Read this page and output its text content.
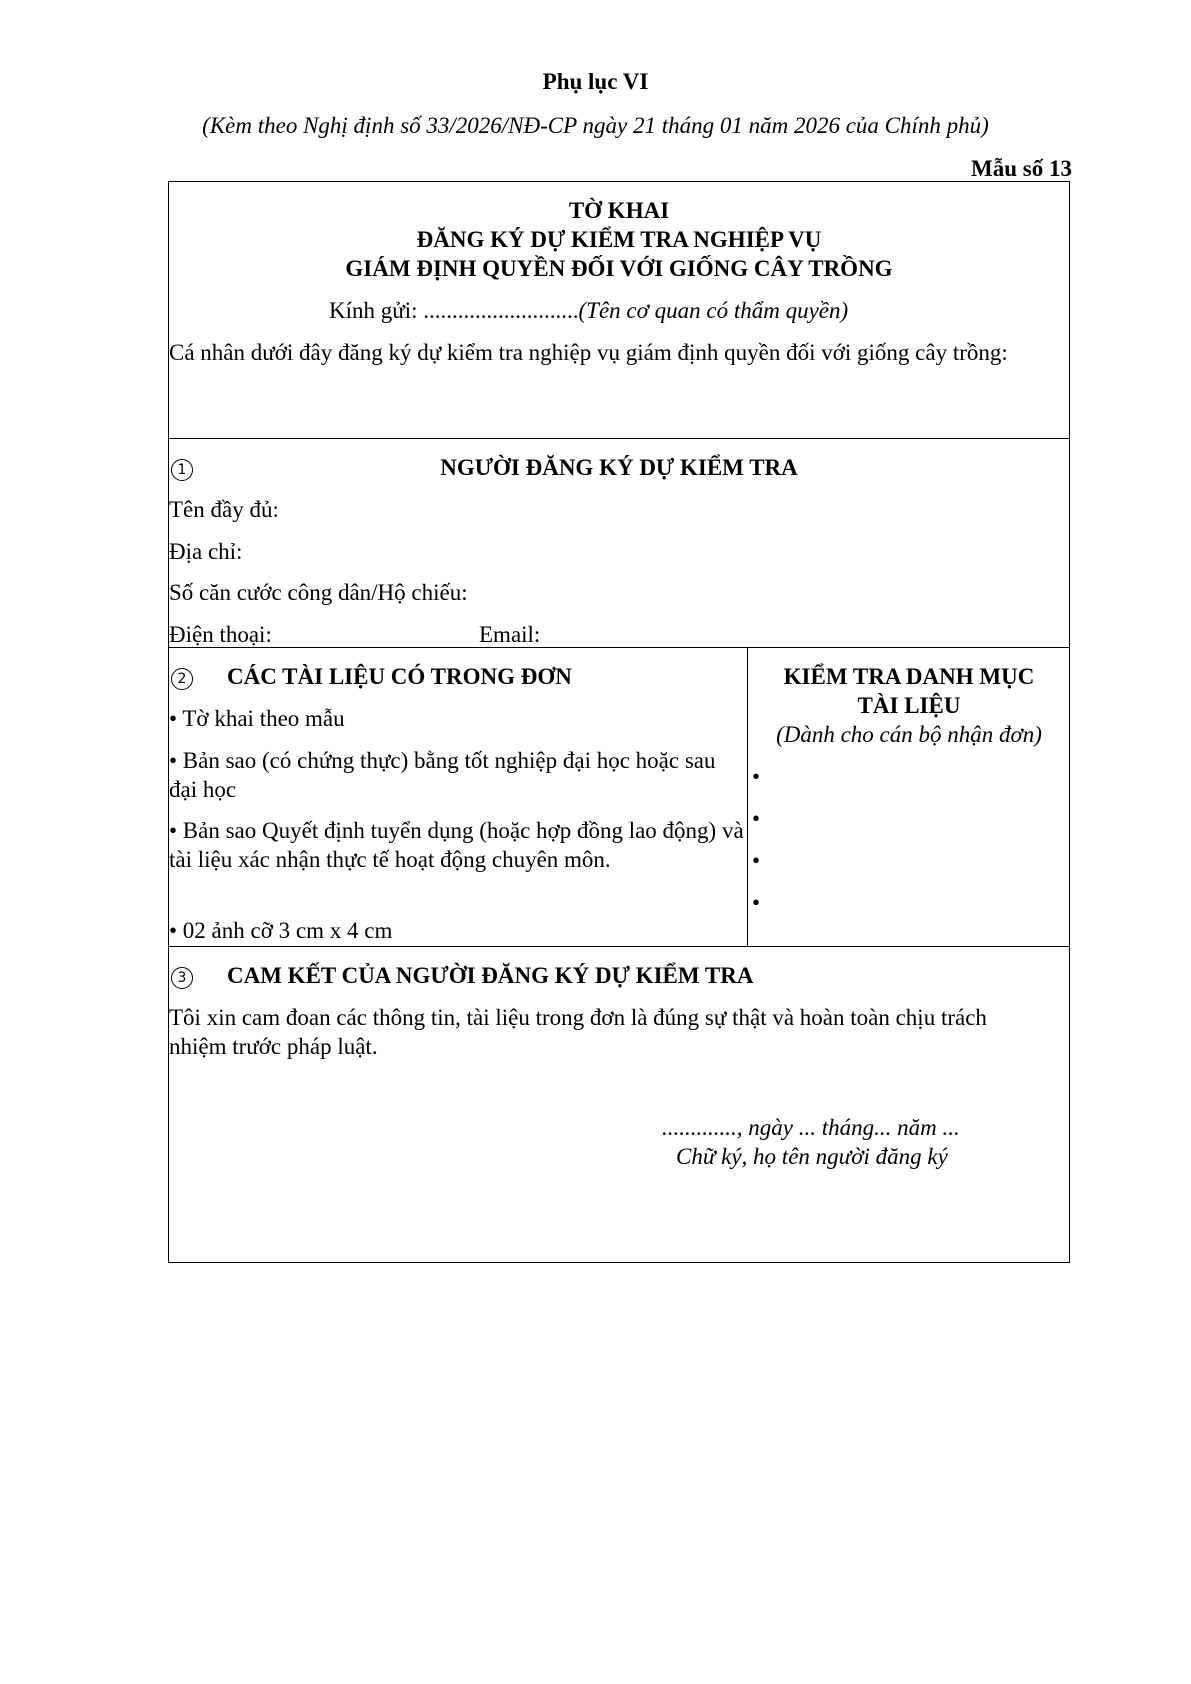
Phụ lục VI
(Kèm theo Nghị định số 33/2026/NĐ-CP ngày 21 tháng 01 năm 2026 của Chính phủ)
Mẫu số 13
TỜ KHAI
ĐĂNG KÝ DỰ KIỂM TRA NGHIỆP VỤ
GIÁM ĐỊNH QUYỀN ĐỐI VỚI GIỐNG CÂY TRỒNG
Kính gửi: ...........................(Tên cơ quan có thẩm quyền)
Cá nhân dưới đây đăng ký dự kiểm tra nghiệp vụ giám định quyền đối với giống cây trồng:
1	NGƯỜI ĐĂNG KÝ DỰ KIỂM TRA
Tên đầy đủ:
Địa chỉ:
Số căn cước công dân/Hộ chiếu:
Điện thoại:	Email:
2 CÁC TÀI LIỆU CÓ TRONG ĐƠN
• Tờ khai theo mẫu
• Bản sao (có chứng thực) bằng tốt nghiệp đại học hoặc sau đại học
• Bản sao Quyết định tuyển dụng (hoặc hợp đồng lao động) và tài liệu xác nhận thực tế hoạt động chuyên môn.
• 02 ảnh cỡ 3 cm x 4 cm
KIỂM TRA DANH MỤC
TÀI LIỆU
(Dành cho cán bộ nhận đơn)
•
•
•
•
3 CAM KẾT CỦA NGƯỜI ĐĂNG KÝ DỰ KIỂM TRA
Tôi xin cam đoan các thông tin, tài liệu trong đơn là đúng sự thật và hoàn toàn chịu trách nhiệm trước pháp luật.
............., ngày ... tháng... năm ...
Chữ ký, họ tên người đăng ký
